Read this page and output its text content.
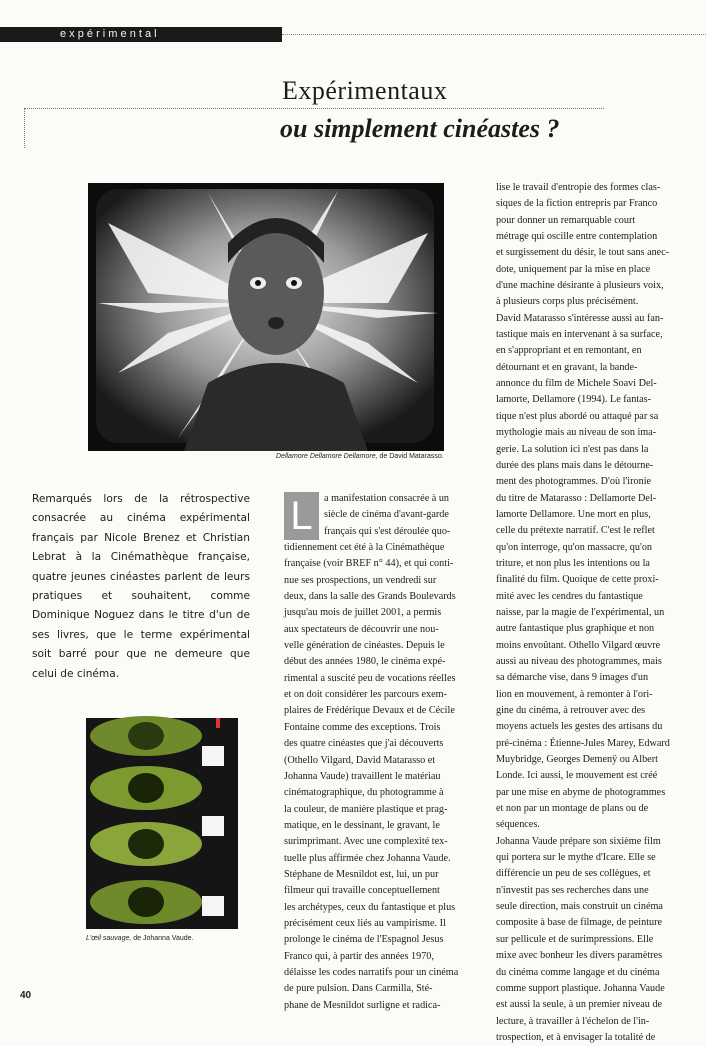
e x p é r i m e n t a l
Expérimentaux
ou simplement cinéastes ?
Dellamore Dellamore Dellamore, de David Matarasso.

Remarqués lors de la rétrospective consacrée au cinéma expérimental français par Nicole Brenez et Christian Lebrat à la Cinémathèque française, quatre jeunes cinéastes parlent de leurs pratiques et souhaitent, comme Dominique Noguez dans le titre d'un de ses livres, que le terme expérimental soit barré pour que ne demeure que celui de cinéma.

L'œil sauvage, de Johanna Vaude.
L	a manifestation consacrée à un
siècle de cinéma d'avant-garde
français qui s'est déroulée quo-
tidiennement cet été à la Cinémathèque
française (voir BREF n° 44), et qui conti-
nue ses prospections, un vendredi sur
deux, dans la salle des Grands Boulevards
jusqu'au mois de juillet 2001, a permis
aux spectateurs de découvrir une nou-
velle génération de cinéastes. Depuis le
début des années 1980, le cinéma expé-
rimental a suscité peu de vocations réelles
et on doit considérer les parcours exem-
plaires de Frédérique Devaux et de Cécile
Fontaine comme des exceptions. Trois
des quatre cinéastes que j'ai découverts
(Othello Vilgard, David Matarasso et
Johanna Vaude) travaillent le matériau
cinématographique, du photogramme à
la couleur, de manière plastique et prag-
matique, en le dessinant, le gravant, le
surimprimant. Avec une complexité tex-
tuelle plus affirmée chez Johanna Vaude.
Stéphane de Mesnildot est, lui, un pur
filmeur qui travaille conceptuellement
les archétypes, ceux du fantastique et plus
précisément ceux liés au vampirisme. Il
prolonge le cinéma de l'Espagnol Jesus
Franco qui, à partir des années 1970,
délaisse les codes narratifs pour un cinéma
de pure pulsion. Dans Carmilla, Sté-
phane de Mesnildot surligne et radica-
lise le travail d'entropie des formes clas-
siques de la fiction entrepris par Franco
pour donner un remarquable court
métrage qui oscille entre contemplation
et surgissement du désir, le tout sans anec-
dote, uniquement par la mise en place
d'une machine désirante à plusieurs voix,
à plusieurs corps plus précisément.
David Matarasso s'intéresse aussi au fan-
tastique mais en intervenant à sa surface,
en s'appropriant et en remontant, en
détournant et en gravant, la bande-
annonce du film de Michele Soavi Del-
lamorte, Dellamore (1994). Le fantas-
tique n'est plus abordé ou attaqué par sa
mythologie mais au niveau de son ima-
gerie. La solution ici n'est pas dans la
durée des plans mais dans le détourne-
ment des photogrammes. D'où l'ironie
du titre de Matarasso : Dellamorte Del-
lamorte Dellamore. Une mort en plus,
celle du prétexte narratif. C'est le reflet
qu'on interroge, qu'on massacre, qu'on
triture, et non plus les intentions ou la
finalité du film. Quoique de cette proxi-
mité avec les cendres du fantastique
naisse, par la magie de l'expérimental, un
autre fantastique plus graphique et non
moins envoûtant. Othello Vilgard œuvre
aussi au niveau des photogrammes, mais
sa démarche vise, dans 9 images d'un
lion en mouvement, à remonter à l'ori-
gine du cinéma, à retrouver avec des
moyens actuels les gestes des artisans du
pré-cinéma : Étienne-Jules Marey, Edward
Muybridge, Georges Demenÿ ou Albert
Londe. Ici aussi, le mouvement est créé
par une mise en abyme de photogrammes
et non par un montage de plans ou de
séquences.
Johanna Vaude prépare son sixième film
qui portera sur le mythe d'Icare. Elle se
différencie un peu de ses collègues, et
n'investit pas ses recherches dans une
seule direction, mais construit un cinéma
composite à base de filmage, de peinture
sur pellicule et de surimpressions. Elle
mixe avec bonheur les divers paramètres
du cinéma comme langage et du cinéma
comme support plastique. Johanna Vaude
est aussi la seule, à un premier niveau de
lecture, à travailler à l'échelon de l'in-
trospection, et à envisager la totalité de
40
